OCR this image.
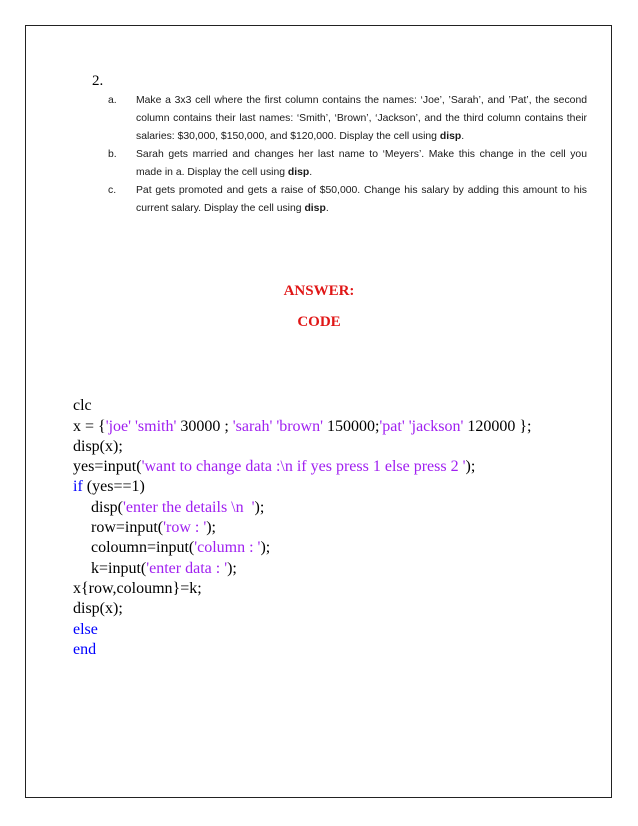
2.
a.	Make a 3x3 cell where the first column contains the names: ‘Joe’, ’Sarah’, and ’Pat’, the second column contains their last names: ‘Smith’, ‘Brown’, ‘Jackson’, and the third column contains their salaries: $30,000, $150,000, and $120,000. Display the cell using disp.
b.	Sarah gets married and changes her last name to ‘Meyers’. Make this change in the cell you made in a. Display the cell using disp.
c.	Pat gets promoted and gets a raise of $50,000. Change his salary by adding this amount to his current salary. Display the cell using disp.
ANSWER:
CODE

clc
x = {'joe' 'smith' 30000 ; 'sarah' 'brown' 150000;'pat' 'jackson' 120000 };
disp(x);
yes=input('want to change data :\n if yes press 1 else press 2 ');
if (yes==1)
disp('enter the details \n  ');
row=input('row : ');
coloumn=input('column : ');
k=input('enter data : ');
x{row,coloumn}=k;
disp(x);
else
end
